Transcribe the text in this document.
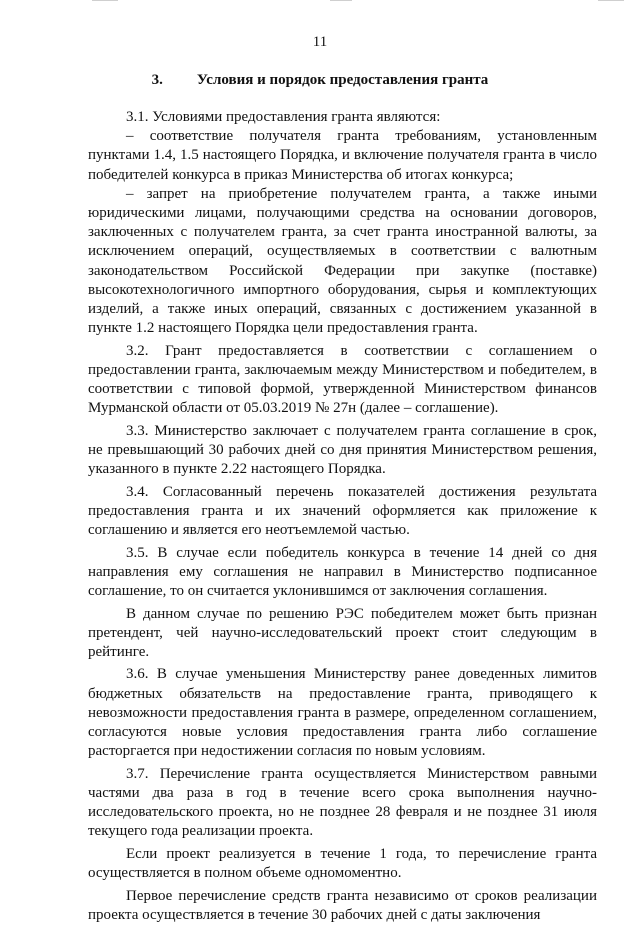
11
3. Условия и порядок предоставления гранта

3.1. Условиями предоставления гранта являются:

– соответствие получателя гранта требованиям, установленным пунктами 1.4, 1.5 настоящего Порядка, и включение получателя гранта в число победителей конкурса в приказ Министерства об итогах конкурса;

– запрет на приобретение получателем гранта, а также иными юридическими лицами, получающими средства на основании договоров, заключенных с получателем гранта, за счет гранта иностранной валюты, за исключением операций, осуществляемых в соответствии с валютным законодательством Российской Федерации при закупке (поставке) высокотехнологичного импортного оборудования, сырья и комплектующих изделий, а также иных операций, связанных с достижением указанной в пункте 1.2 настоящего Порядка цели предоставления гранта.

3.2. Грант предоставляется в соответствии с соглашением о предоставлении гранта, заключаемым между Министерством и победителем, в соответствии с типовой формой, утвержденной Министерством финансов Мурманской области от 05.03.2019 № 27н (далее – соглашение).

3.3. Министерство заключает с получателем гранта соглашение в срок, не превышающий 30 рабочих дней со дня принятия Министерством решения, указанного в пункте 2.22 настоящего Порядка.

3.4. Согласованный перечень показателей достижения результата предоставления гранта и их значений оформляется как приложение к соглашению и является его неотъемлемой частью.

3.5. В случае если победитель конкурса в течение 14 дней со дня направления ему соглашения не направил в Министерство подписанное соглашение, то он считается уклонившимся от заключения соглашения.

В данном случае по решению РЭС победителем может быть признан претендент, чей научно-исследовательский проект стоит следующим в рейтинге.

3.6. В случае уменьшения Министерству ранее доведенных лимитов бюджетных обязательств на предоставление гранта, приводящего к невозможности предоставления гранта в размере, определенном соглашением, согласуются новые условия предоставления гранта либо соглашение расторгается при недостижении согласия по новым условиям.

3.7. Перечисление гранта осуществляется Министерством равными частями два раза в год в течение всего срока выполнения научно-исследовательского проекта, но не позднее 28 февраля и не позднее 31 июля текущего года реализации проекта.

Если проект реализуется в течение 1 года, то перечисление гранта осуществляется в полном объеме одномоментно.

Первое перечисление средств гранта независимо от сроков реализации проекта осуществляется в течение 30 рабочих дней с даты заключения
